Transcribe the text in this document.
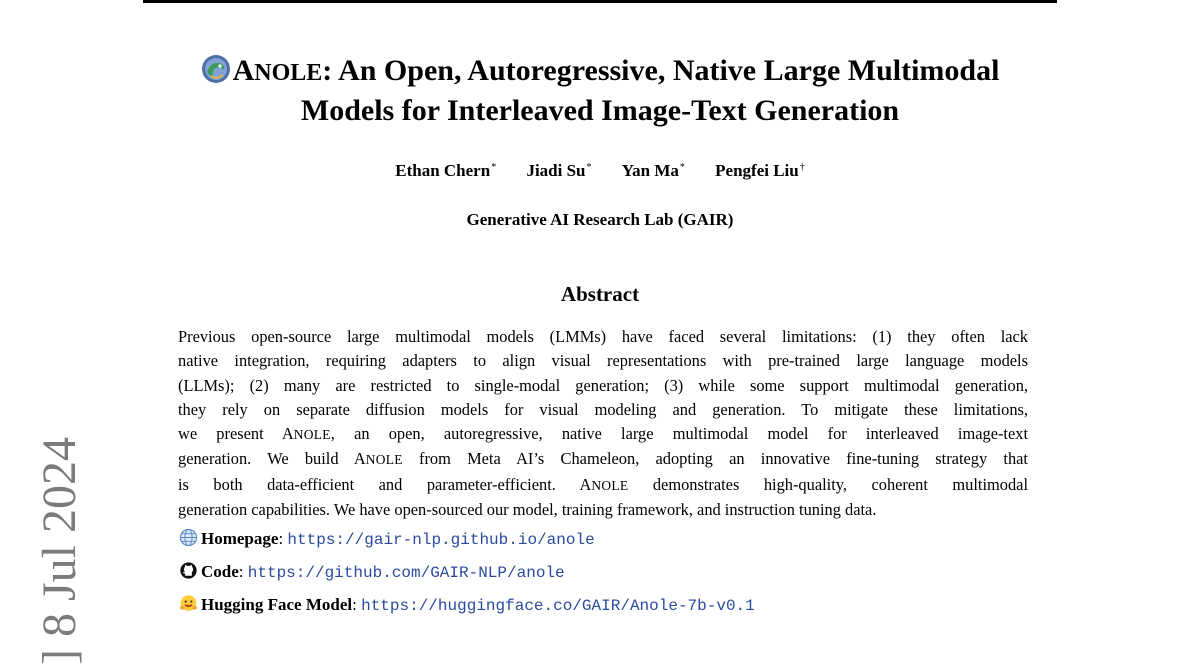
ANOLE: An Open, Autoregressive, Native Large Multimodal
Models for Interleaved Image-Text Generation
Ethan Chern* Jiadi Su* Yan Ma* Pengfei Liu†
Generative AI Research Lab (GAIR)
Abstract
Previous open-source large multimodal models (LMMs) have faced several limitations: (1) they often lack
native integration, requiring adapters to align visual representations with pre-trained large language models
(LLMs); (2) many are restricted to single-modal generation; (3) while some support multimodal generation,
they rely on separate diffusion models for visual modeling and generation. To mitigate these limitations,
we present ANOLE, an open, autoregressive, native large multimodal model for interleaved image-text
generation. We build ANOLE from Meta AI’s Chameleon, adopting an innovative fine-tuning strategy that
is both data-efficient and parameter-efficient. ANOLE demonstrates high-quality, coherent multimodal
generation capabilities. We have open-sourced our model, training framework, and instruction tuning data.
Homepage: https://gair-nlp.github.io/anole
Code: https://github.com/GAIR-NLP/anole
Hugging Face Model: https://huggingface.co/GAIR/Anole-7b-v0.1
] 8 Jul 2024
